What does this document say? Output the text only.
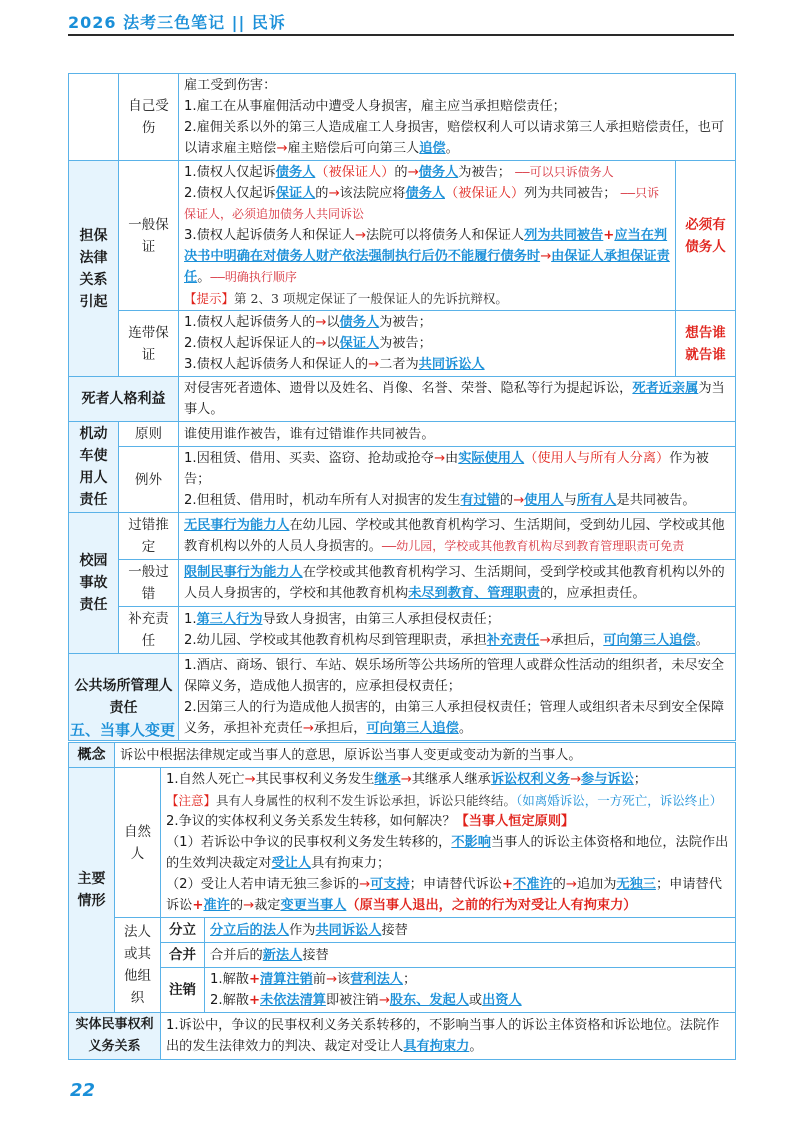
2026 法考三色笔记 || 民诉
	自己受伤	雇工受到伤害：
1.雇工在从事雇佣活动中遭受人身损害，雇主应当承担赔偿责任；
2.雇佣关系以外的第三人造成雇工人身损害，赔偿权利人可以请求第三人承担赔偿责任，也可以请求雇主赔偿→雇主赔偿后可向第三人追偿。	

担保法律关系引起	一般保证	1.债权人仅起诉债务人（被保证人）的→债务人为被告； ——可以只诉债务人
2.债权人仅起诉保证人的→该法院应将债务人（被保证人）列为共同被告； ——只诉保证人，必须追加债务人共同诉讼
3.债权人起诉债务人和保证人→法院可以将债务人和保证人列为共同被告+应当在判决书中明确在对债务人财产依法强制执行后仍不能履行债务时→由保证人承担保证责任。——明确执行顺序
【提示】第 2、3 项规定保证了一般保证人的先诉抗辩权。	必须有债务人
	连带保证	1.债权人起诉债务人的→以债务人为被告；
2.债权人起诉保证人的→以保证人为被告；
3.债权人起诉债务人和保证人的→二者为共同诉讼人	想告谁就告谁
死者人格利益		对侵害死者遗体、遗骨以及姓名、肖像、名誉、荣誉、隐私等行为提起诉讼，死者近亲属为当事人。	
机动车使用人责任	原则	谁使用谁作被告，谁有过错谁作共同被告。	
	例外	1.因租赁、借用、买卖、盗窃、抢劫或抢夺→由实际使用人（使用人与所有人分离）作为被告；
2.但租赁、借用时，机动车所有人对损害的发生有过错的→使用人与所有人是共同被告。	

校园事故责任	过错推定	无民事行为能力人在幼儿园、学校或其他教育机构学习、生活期间，受到幼儿园、学校或其他教育机构以外的人员人身损害的。——幼儿园，学校或其他教育机构尽到教育管理职责可免责	
	一般过错	限制民事行为能力人在学校或其他教育机构学习、生活期间，受到学校或其他教育机构以外的人员人身损害的，学校和其他教育机构未尽到教育、管理职责的，应承担责任。	
	补充责任	1.第三人行为导致人身损害，由第三人承担侵权责任；
2.幼儿园、学校或其他教育机构尽到管理职责，承担补充责任→承担后，可向第三人追偿。	

公共场所管理人责任		1.酒店、商场、银行、车站、娱乐场所等公共场所的管理人或群众性活动的组织者，未尽安全保障义务，造成他人损害的，应承担侵权责任；
2.因第三人的行为造成他人损害的，由第三人承担侵权责任；管理人或组织者未尽到安全保障义务，承担补充责任→承担后，可向第三人追偿。	
五、当事人变更
概念	诉讼中根据法律规定或当事人的意思，原诉讼当事人变更或变动为新的当事人。		
主要情形	自然人	1.自然人死亡→其民事权利义务发生继承→其继承人继承诉讼权利义务→参与诉讼；
【注意】具有人身属性的权利不发生诉讼承担，诉讼只能终结。（如离婚诉讼，一方死亡，诉讼终止）
2.争议的实体权利义务关系发生转移，如何解决？【当事人恒定原则】
（1）若诉讼中争议的民事权利义务发生转移的，不影响当事人的诉讼主体资格和地位，法院作出的生效判决裁定对受让人具有拘束力；
（2）受让人若申请无独三参诉的→可支持；申请替代诉讼+不准许的→追加为无独三；申请替代诉讼+准许的→裁定变更当事人（原当事人退出，之前的行为对受让人有拘束力）	

	法人或其他组织	分立	分立后的法人作为共同诉讼人接替
		合并	合并后的新法人接替
		注销	1.解散+清算注销前→该营利法人；
2.解散+未依法清算即被注销→股东、发起人或出资人

实体民事权利义务关系		1.诉讼中，争议的民事权利义务关系转移的，不影响当事人的诉讼主体资格和诉讼地位。法院作出的发生法律效力的判决、裁定对受让人具有拘束力。	
22
